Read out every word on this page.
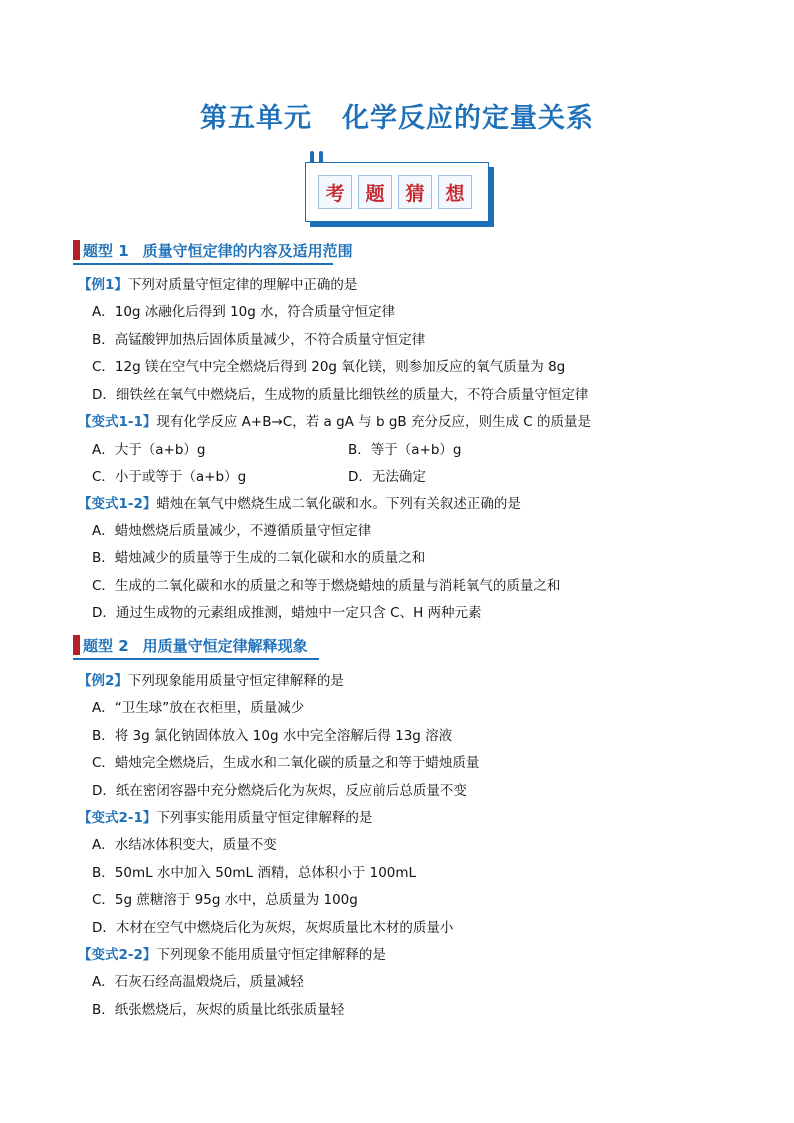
第五单元 化学反应的定量关系
考	题	猜	想
题型 1 质量守恒定律的内容及适用范围
【例1】下列对质量守恒定律的理解中正确的是
A．10g 冰融化后得到 10g 水，符合质量守恒定律
B．高锰酸钾加热后固体质量减少，不符合质量守恒定律
C．12g 镁在空气中完全燃烧后得到 20g 氧化镁，则参加反应的氧气质量为 8g
D．细铁丝在氧气中燃烧后，生成物的质量比细铁丝的质量大，不符合质量守恒定律
【变式1-1】现有化学反应 A+B→C，若 a gA 与 b gB 充分反应，则生成 C 的质量是
A．大于（a+b）g	B．等于（a+b）g
C．小于或等于（a+b）g	D．无法确定
【变式1-2】蜡烛在氧气中燃烧生成二氧化碳和水。下列有关叙述正确的是
A．蜡烛燃烧后质量减少，不遵循质量守恒定律
B．蜡烛减少的质量等于生成的二氧化碳和水的质量之和
C．生成的二氧化碳和水的质量之和等于燃烧蜡烛的质量与消耗氧气的质量之和
D．通过生成物的元素组成推测，蜡烛中一定只含 C、H 两种元素
题型 2 用质量守恒定律解释现象
【例2】下列现象能用质量守恒定律解释的是
A．“卫生球”放在衣柜里，质量减少
B．将 3g 氯化钠固体放入 10g 水中完全溶解后得 13g 溶液
C．蜡烛完全燃烧后，生成水和二氧化碳的质量之和等于蜡烛质量
D．纸在密闭容器中充分燃烧后化为灰烬，反应前后总质量不变
【变式2-1】下列事实能用质量守恒定律解释的是
A．水结冰体积变大，质量不变
B．50mL 水中加入 50mL 酒精，总体积小于 100mL
C．5g 蔗糖溶于 95g 水中，总质量为 100g
D．木材在空气中燃烧后化为灰烬，灰烬质量比木材的质量小
【变式2-2】下列现象不能用质量守恒定律解释的是
A．石灰石经高温煅烧后，质量减轻
B．纸张燃烧后，灰烬的质量比纸张质量轻
